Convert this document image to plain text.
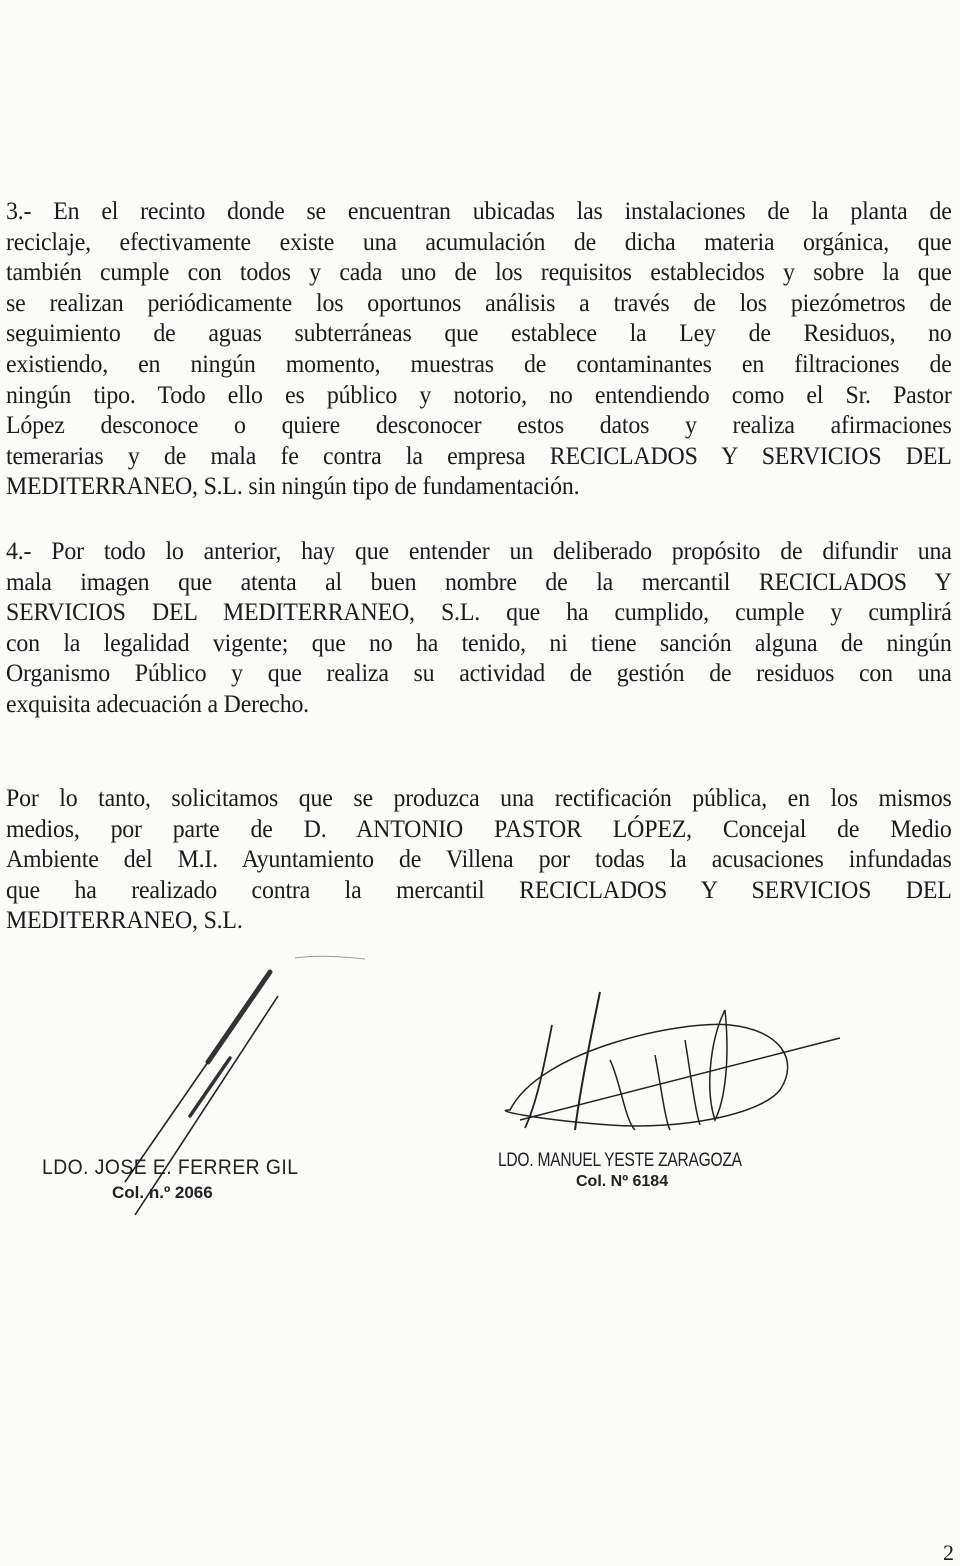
3.- En el recinto donde se encuentran ubicadas las instalaciones de la planta de
reciclaje, efectivamente existe una acumulación de dicha materia orgánica, que
también cumple con todos y cada uno de los requisitos establecidos y sobre la que
se realizan periódicamente los oportunos análisis a través de los piezómetros de
seguimiento de aguas subterráneas que establece la Ley de Residuos, no
existiendo, en ningún momento, muestras de contaminantes en filtraciones de
ningún tipo. Todo ello es público y notorio, no entendiendo como el Sr. Pastor
López desconoce o quiere desconocer estos datos y realiza afirmaciones
temerarias y de mala fe contra la empresa RECICLADOS Y SERVICIOS DEL
MEDITERRANEO, S.L. sin ningún tipo de fundamentación.
4.- Por todo lo anterior, hay que entender un deliberado propósito de difundir una
mala imagen que atenta al buen nombre de la mercantil RECICLADOS Y
SERVICIOS DEL MEDITERRANEO, S.L. que ha cumplido, cumple y cumplirá
con la legalidad vigente; que no ha tenido, ni tiene sanción alguna de ningún
Organismo Público y que realiza su actividad de gestión de residuos con una
exquisita adecuación a Derecho.
Por lo tanto, solicitamos que se produzca una rectificación pública, en los mismos
medios, por parte de D. ANTONIO PASTOR LÓPEZ, Concejal de Medio
Ambiente del M.I. Ayuntamiento de Villena por todas la acusaciones infundadas
que ha realizado contra la mercantil RECICLADOS Y SERVICIOS DEL
MEDITERRANEO, S.L.
LDO. JOSE E. FERRER GIL
Col. n.º 2066
LDO. MANUEL YESTE ZARAGOZA
Col. Nº 6184
2
